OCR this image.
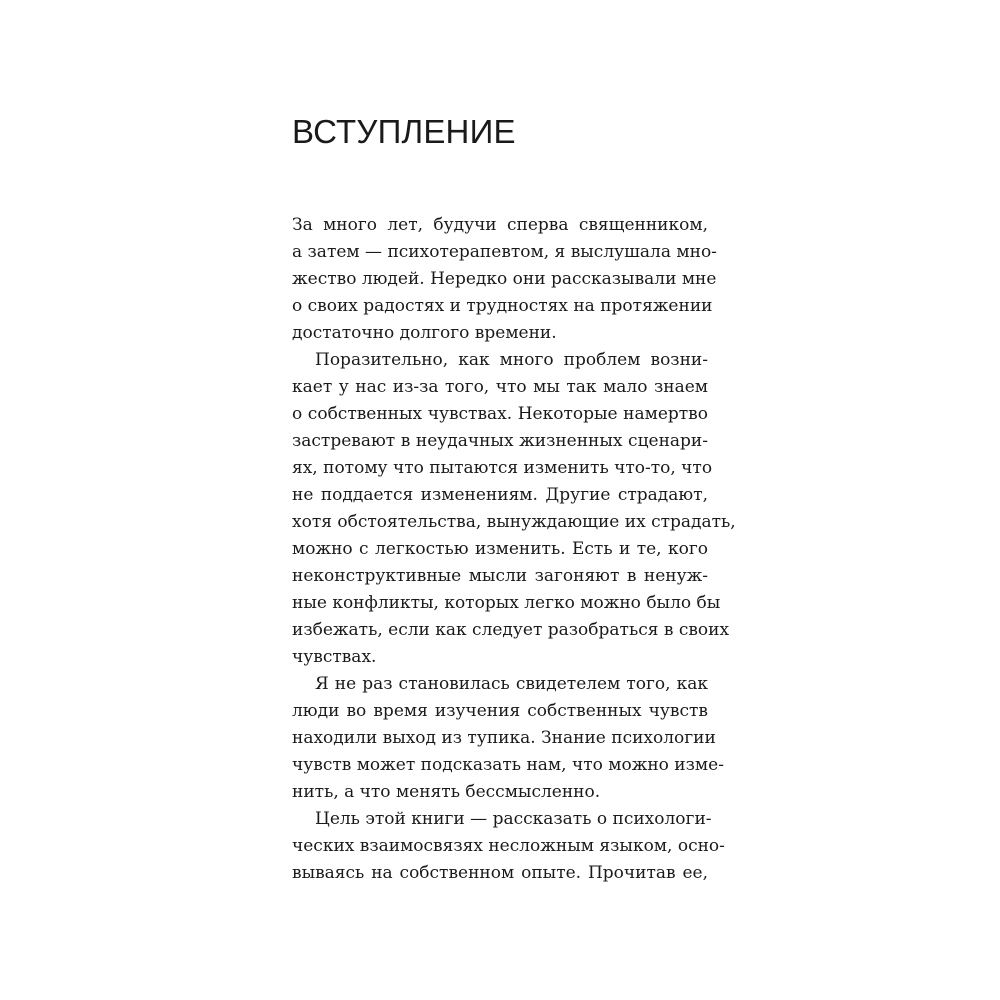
ВСТУПЛЕНИЕ
За много лет, будучи сперва священником,
а затем — психотерапевтом, я выслушала мно-
жество людей. Нередко они рассказывали мне
о своих радостях и трудностях на протяжении
достаточно долгого времени.
Поразительно, как много проблем возни-
кает у нас из-за того, что мы так мало знаем
о собственных чувствах. Некоторые намертво
застревают в неудачных жизненных сценари-
ях, потому что пытаются изменить что-то, что
не поддается изменениям. Другие страдают,
хотя обстоятельства, вынуждающие их страдать,
можно с легкостью изменить. Есть и те, кого
неконструктивные мысли загоняют в ненуж-
ные конфликты, которых легко можно было бы
избежать, если как следует разобраться в своих
чувствах.
Я не раз становилась свидетелем того, как
люди во время изучения собственных чувств
находили выход из тупика. Знание психологии
чувств может подсказать нам, что можно изме-
нить, а что менять бессмысленно.
Цель этой книги — рассказать о психологи-
ческих взаимосвязях несложным языком, осно-
вываясь на собственном опыте. Прочитав ее,
